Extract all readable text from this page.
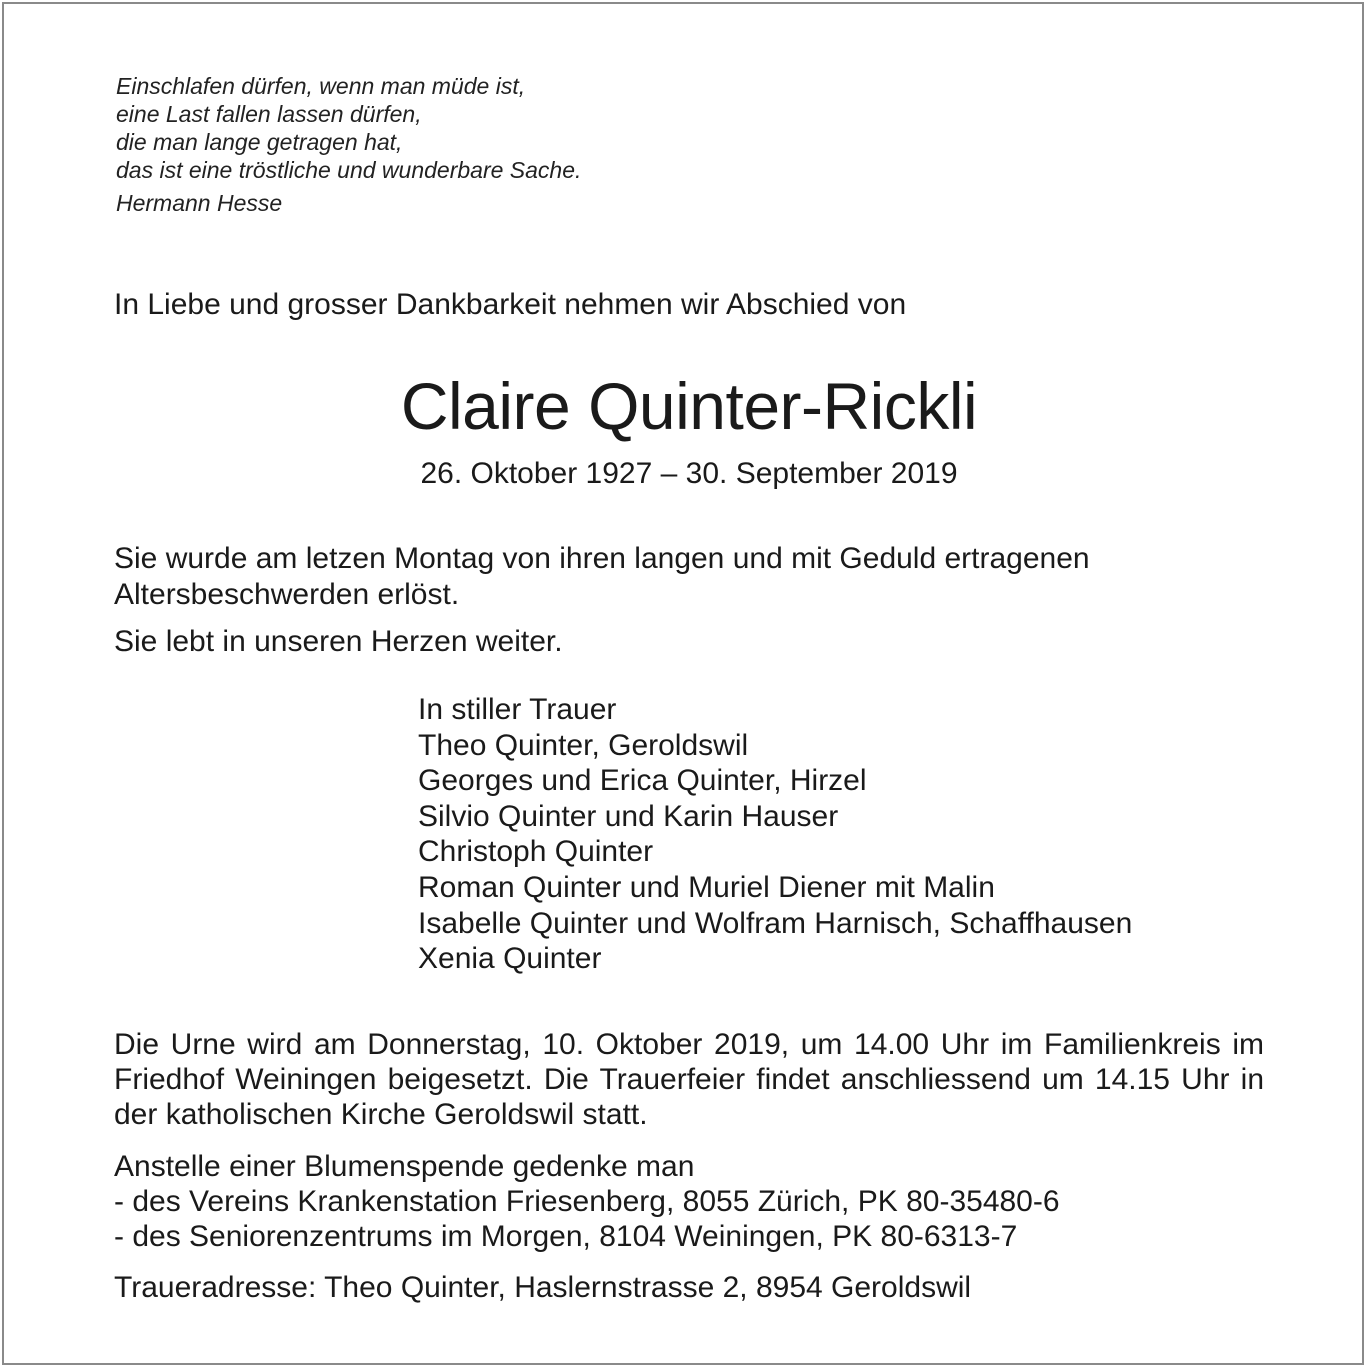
Einschlafen dürfen, wenn man müde ist,
eine Last fallen lassen dürfen,
die man lange getragen hat,
das ist eine tröstliche und wunderbare Sache.
Hermann Hesse
In Liebe und grosser Dankbarkeit nehmen wir Abschied von
Claire Quinter-Rickli
26. Oktober 1927 – 30. September 2019
Sie wurde am letzen Montag von ihren langen und mit Geduld ertragenen Altersbeschwerden erlöst.
Sie lebt in unseren Herzen weiter.
In stiller Trauer
Theo Quinter, Geroldswil
Georges und Erica Quinter, Hirzel
Silvio Quinter und Karin Hauser
Christoph Quinter
Roman Quinter und Muriel Diener mit Malin
Isabelle Quinter und Wolfram Harnisch, Schaffhausen
Xenia Quinter
Die Urne wird am Donnerstag, 10. Oktober 2019, um 14.00 Uhr im Familienkreis im Friedhof Weiningen beigesetzt. Die Trauerfeier findet anschliessend um 14.15 Uhr in der katholischen Kirche Geroldswil statt.
Anstelle einer Blumenspende gedenke man
- des Vereins Krankenstation Friesenberg, 8055 Zürich, PK 80-35480-6
- des Seniorenzentrums im Morgen, 8104 Weiningen, PK 80-6313-7
Traueradresse: Theo Quinter, Haslernstrasse 2, 8954 Geroldswil
